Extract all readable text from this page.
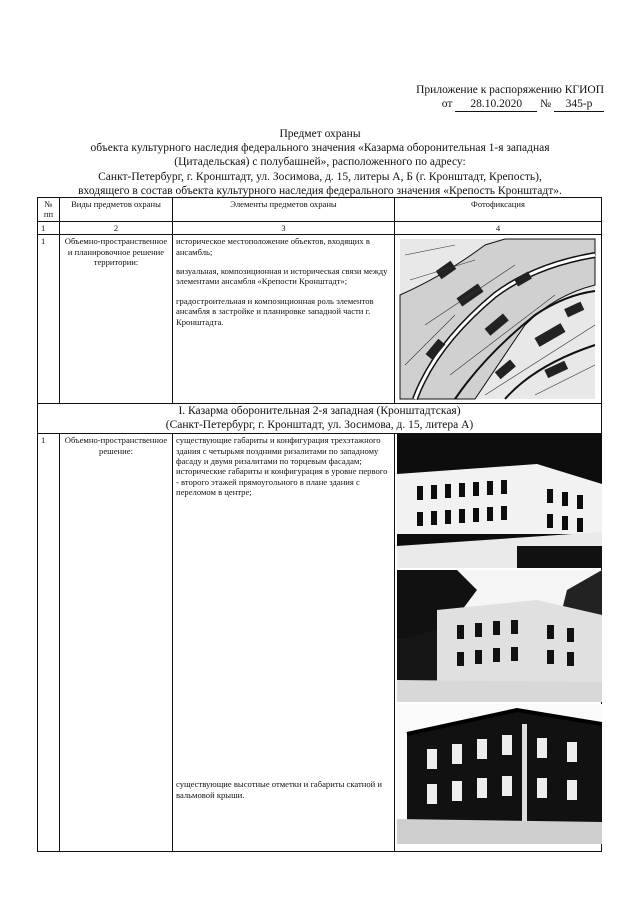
Приложение к распоряжению КГИОП
от 28.10.2020 № 345-р
Предмет охраны
объекта культурного наследия федерального значения «Казарма оборонительная 1-я западная
(Цитадельская) с полубашней», расположенного по адресу:
Санкт-Петербург, г. Кронштадт, ул. Зосимова, д. 15, литеры А, Б (г. Кронштадт, Крепость),
входящего в состав объекта культурного наследия федерального значения «Крепость Кронштадт».
№ пп	Виды предметов охраны	Элементы предметов охраны	Фотофиксация
1	2	3	4
1	Объемно-пространственное и планировочное решение территории:	историческое местоположение объектов, входящих в ансамбль;

визуальная, композиционная и историческая связи между элементами ансамбля «Крепости Кронштадт»;

градостроительная и композиционная роль элементов ансамбля в застройке и планировке западной части г. Кронштадта.

I. Казарма оборонительная 2-я западная (Кронштадтская)
(Санкт-Петербург, г. Кронштадт, ул. Зосимова, д. 15, литера А)			

1	Объемно-пространственное решение:	существующие габариты и конфигурация трехэтажного здания с четырьмя поздними ризалитами по западному фасаду и двумя ризалитами по торцевым фасадам;

исторические габариты и конфигурация в уровне первого - второго этажей прямоугольного в плане здания с переломом в центре;

существующие высотные отметки и габариты скатной и вальмовой крыши.
